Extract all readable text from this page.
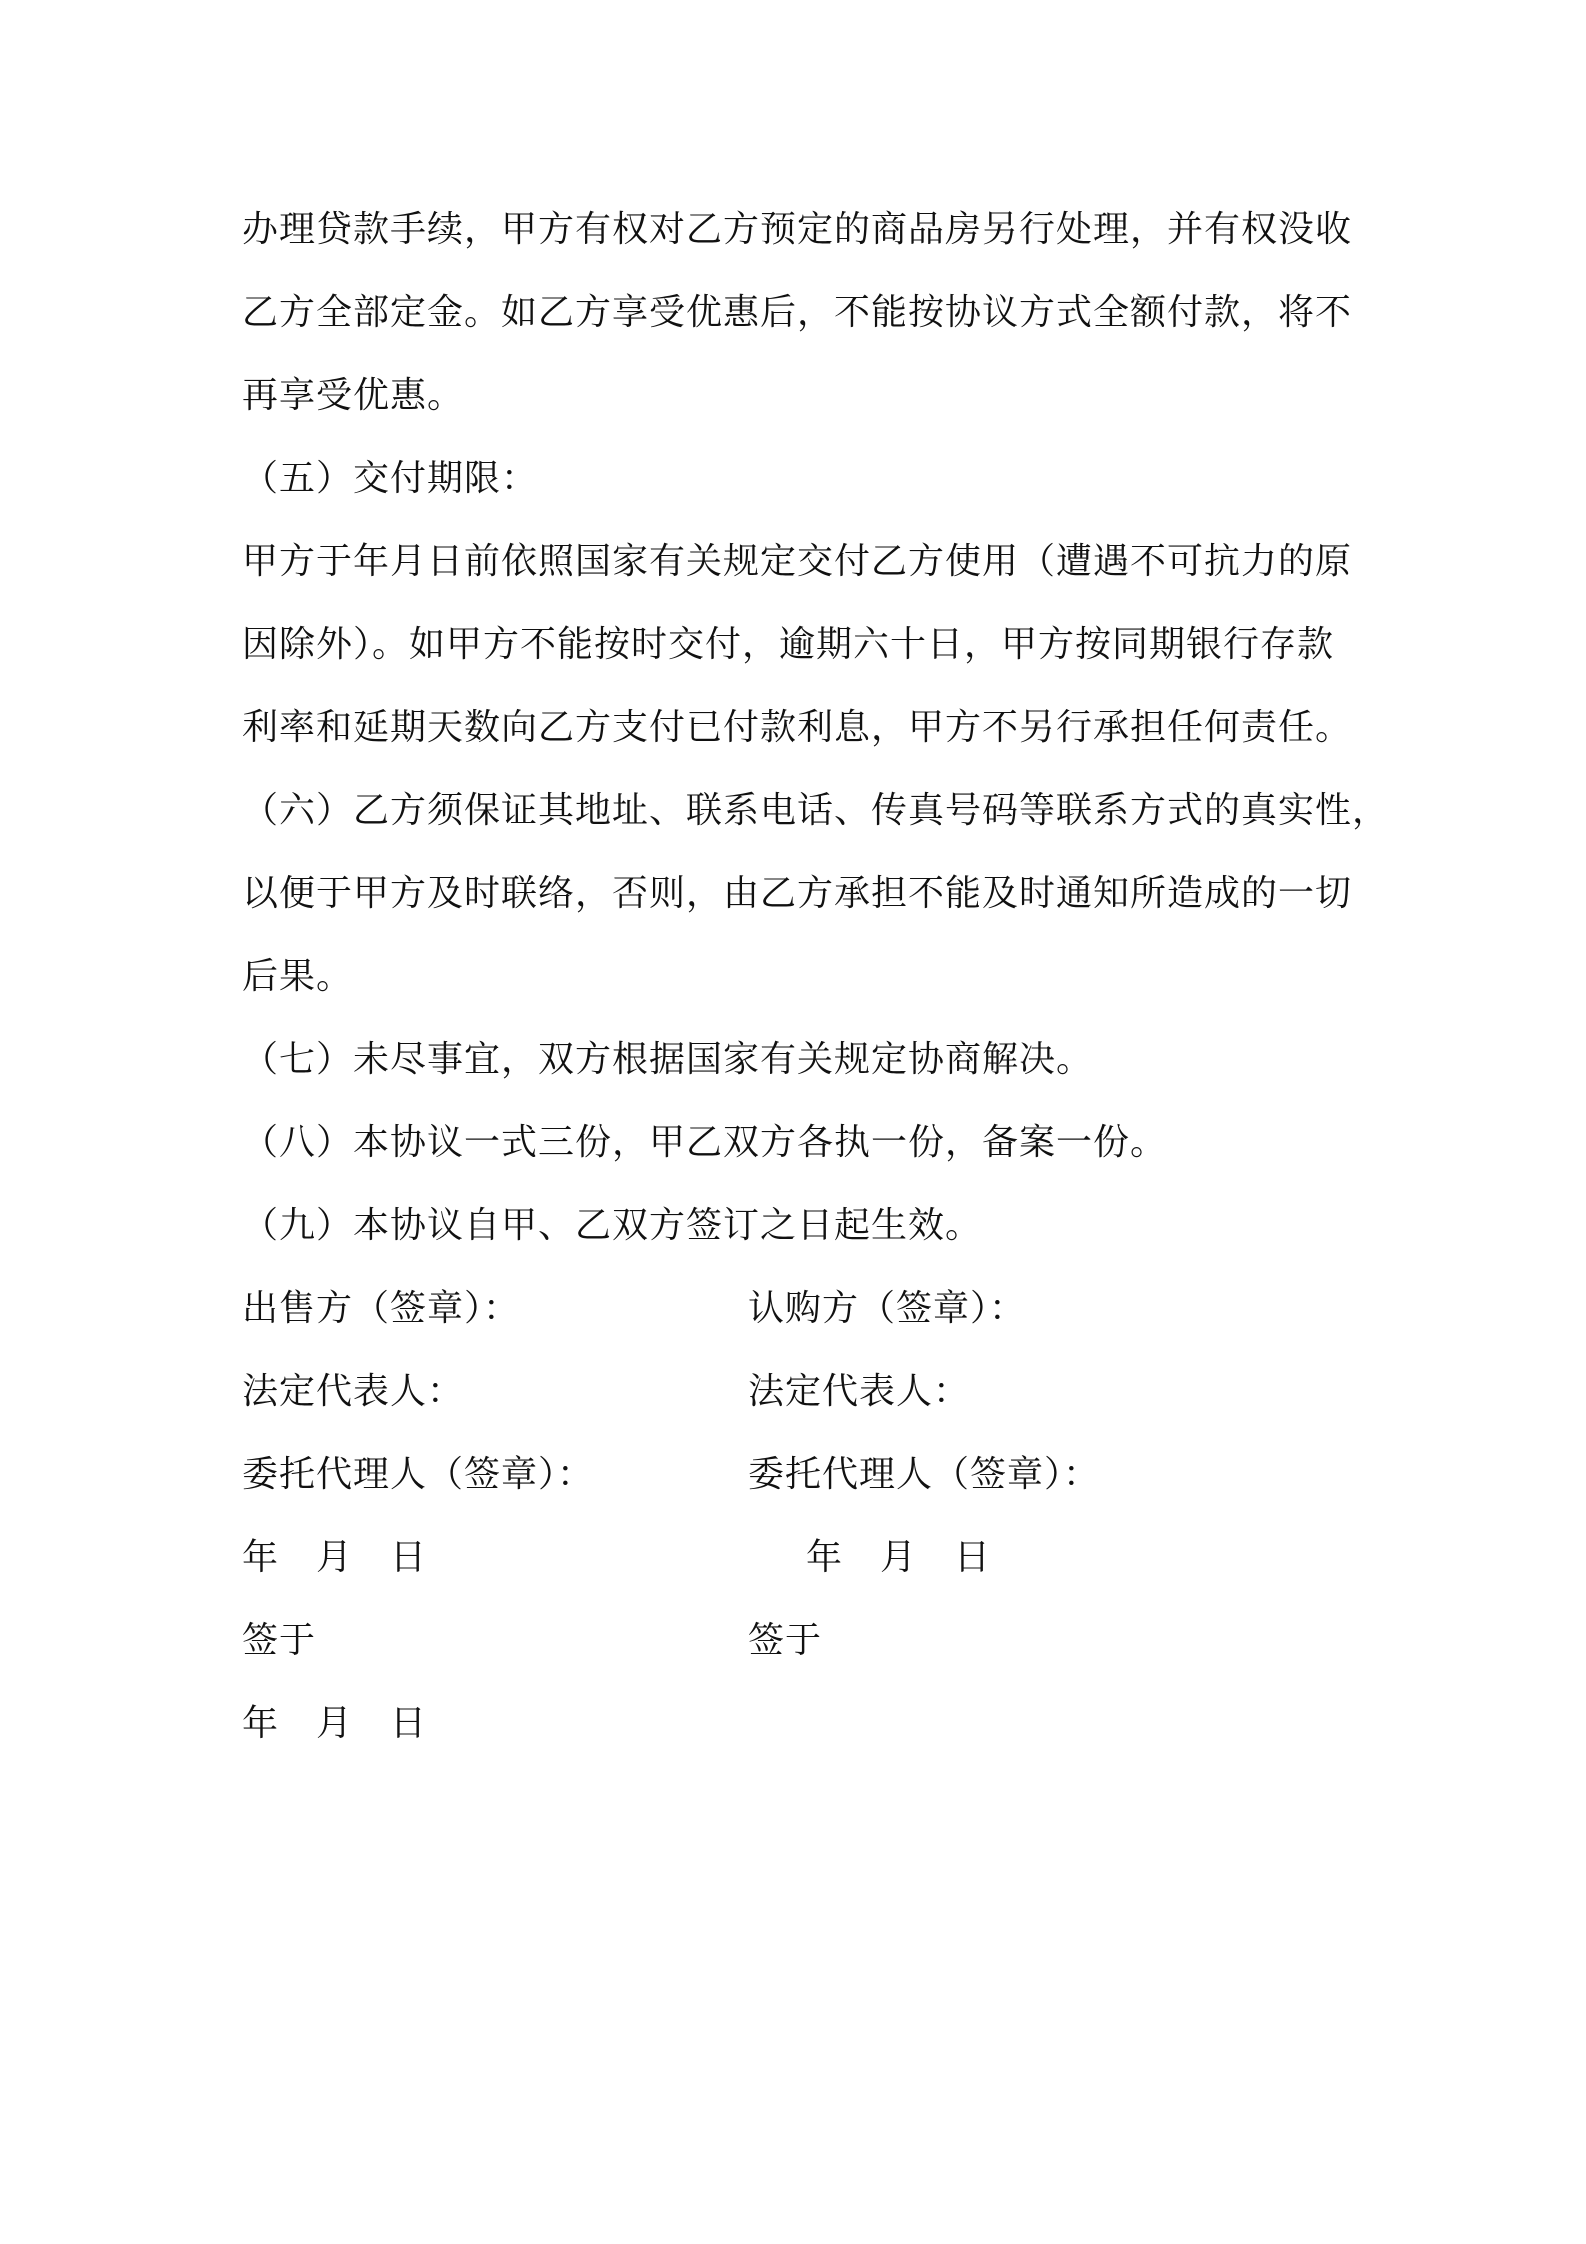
办理贷款手续，甲方有权对乙方预定的商品房另行处理，并有权没收
乙方全部定金。如乙方享受优惠后，不能按协议方式全额付款，将不
再享受优惠。
（五）交付期限：
甲方于年月日前依照国家有关规定交付乙方使用（遭遇不可抗力的原
因除外）。如甲方不能按时交付，逾期六十日，甲方按同期银行存款
利率和延期天数向乙方支付已付款利息，甲方不另行承担任何责任。
（六）乙方须保证其地址、联系电话、传真号码等联系方式的真实性，
以便于甲方及时联络，否则，由乙方承担不能及时通知所造成的一切
后果。
（七）未尽事宜，双方根据国家有关规定协商解决。
（八）本协议一式三份，甲乙双方各执一份，备案一份。
（九）本协议自甲、乙双方签订之日起生效。
出售方（签章）：
法定代表人：
委托代理人（签章）：
年　月　日
签于
年　月　日
认购方（签章）：
法定代表人：
委托代理人（签章）：
年　月　日
签于
